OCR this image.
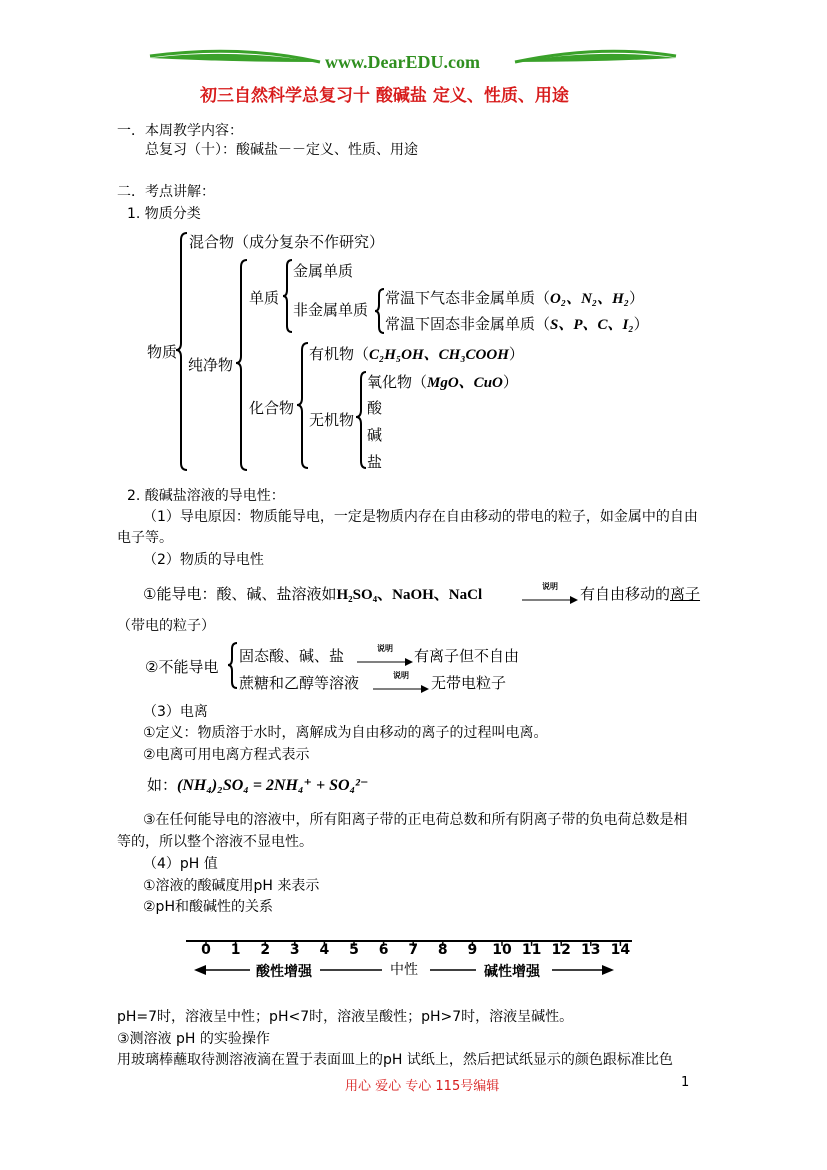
www.DearEDU.com
初三自然科学总复习十 酸碱盐 定义、性质、用途
一．本周教学内容：
总复习（十）：酸碱盐－－定义、性质、用途
二．考点讲解：
1. 物质分类
物质
混合物（成分复杂不作研究）
纯净物
单质
金属单质
非金属单质
常温下气态非金属单质（O₂、N₂、H₂）
常温下固态非金属单质（S、P、C、I₂）
化合物
有机物（C₂H₅OH、CH₃COOH）
无机物
氧化物（MgO、CuO）
酸
碱
盐
2. 酸碱盐溶液的导电性：
（1）导电原因：物质能导电，一定是物质内存在自由移动的带电的粒子，如金属中的自由
电子等。
（2）物质的导电性
①能导电：酸、碱、盐溶液如H₂SO₄、NaOH、NaCl
说明	有自由移动的离子
（带电的粒子）
②不能导电
固态酸、碱、盐	说明	有离子但不自由
蔗糖和乙醇等溶液	说明	无带电粒子
（3）电离
①定义：物质溶于水时，离解成为自由移动的离子的过程叫电离。
②电离可用电离方程式表示
如：(NH₄)₂SO₄ = 2NH₄⁺ + SO₄²⁻
③在任何能导电的溶液中，所有阳离子带的正电荷总数和所有阴离子带的负电荷总数是相
等的，所以整个溶液不显电性。
（4）pH 值
①溶液的酸碱度用pH 来表示
②pH和酸碱性的关系
0	1	2	3	4	5	6	7	8	9	10 11 12 13 14
酸性增强	中性	碱性增强
pH=7时，溶液呈中性；pH<7时，溶液呈酸性；pH>7时，溶液呈碱性。
③测溶液 pH 的实验操作
用玻璃棒蘸取待测溶液滴在置于表面皿上的pH 试纸上，然后把试纸显示的颜色跟标准比色
用心 爱心 专心 115号编辑	1
